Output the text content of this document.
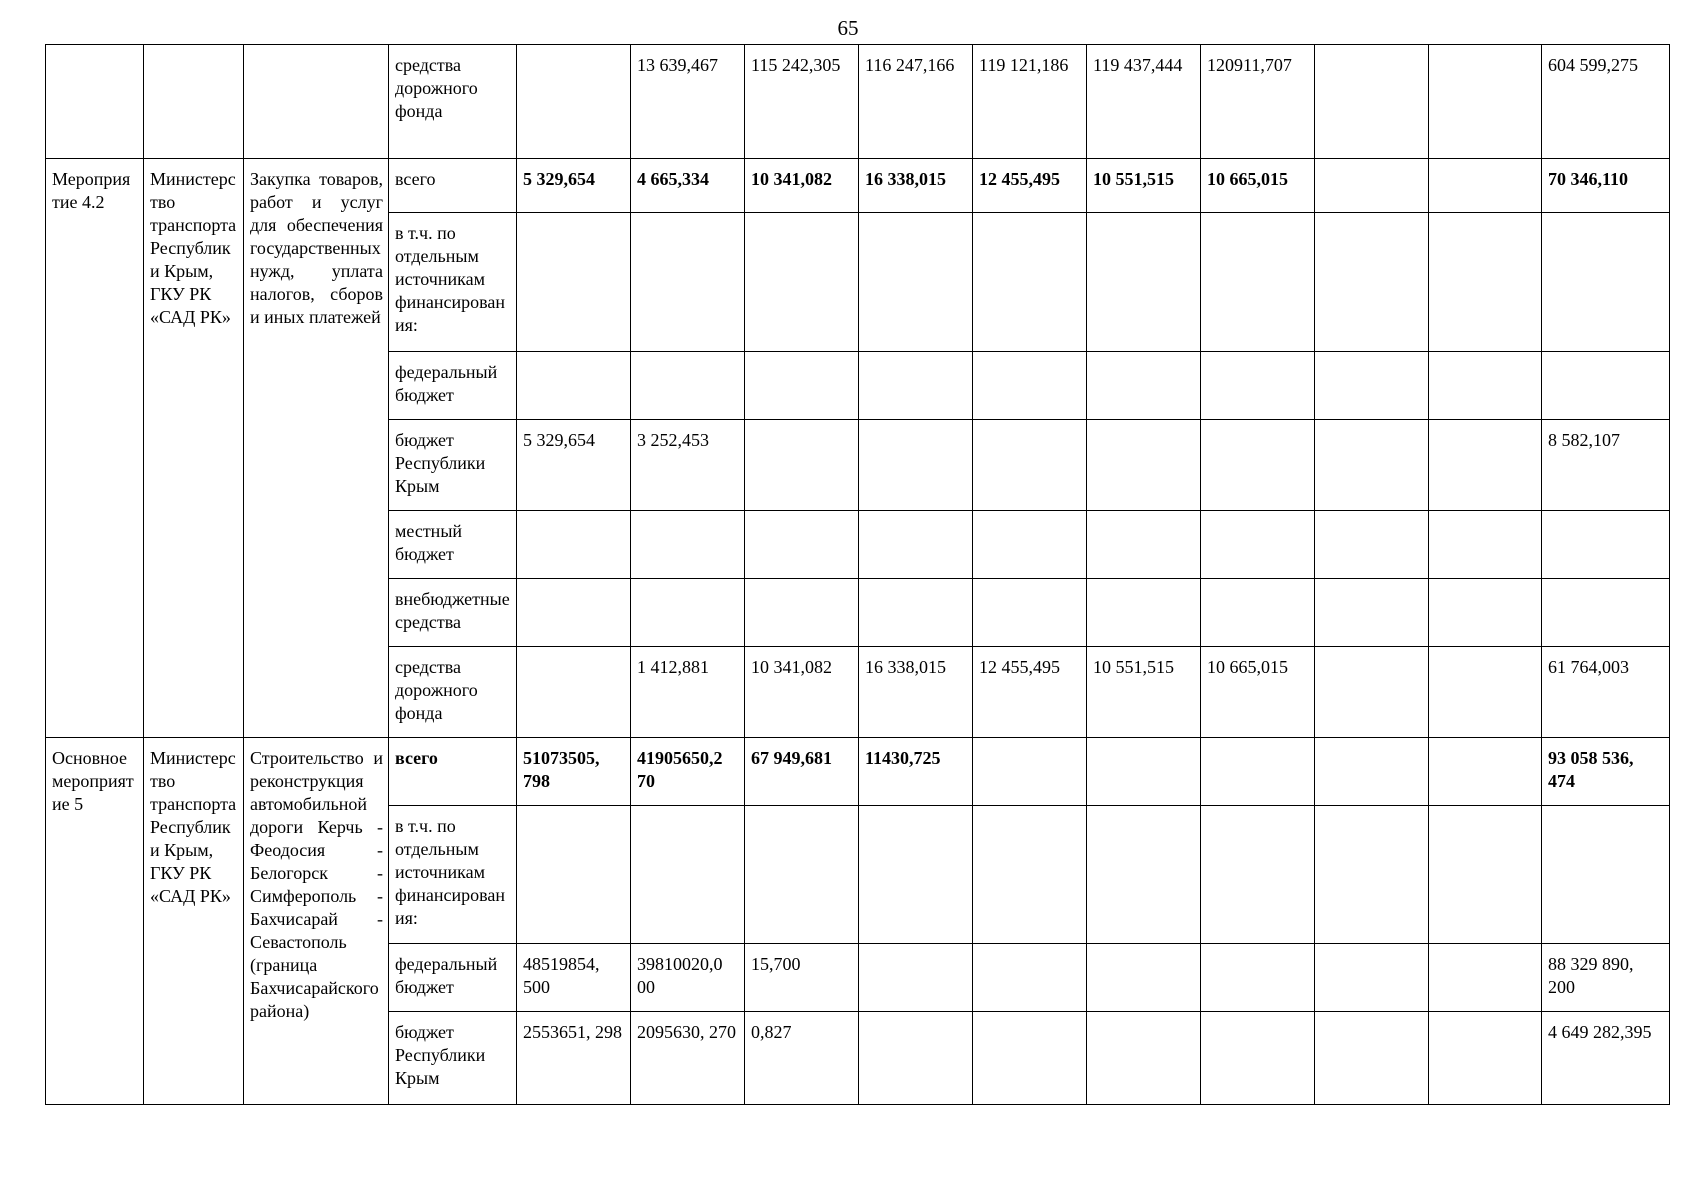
65
			средства дорожного фонда		13 639,467	115 242,305	116 247,166	119 121,186	119 437,444	120911,707			604 599,275
Мероприятие 4.2	Министерство транспорта Республики Крым, ГКУ РК «САД РК»	Закупка товаров, работ и услуг для обеспечения государственных нужд, уплата налогов, сборов и иных платежей	всего	5 329,654	4 665,334	10 341,082	16 338,015	12 455,495	10 551,515	10 665,015			70 346,110
			в т.ч. по отдельным источникам финансирования:										
			федеральный бюджет										
			бюджет Республики Крым	5 329,654	3 252,453								8 582,107
			местный бюджет										
			внебюджетные средства										
			средства дорожного фонда		1 412,881	10 341,082	16 338,015	12 455,495	10 551,515	10 665,015			61 764,003
Основное мероприятие 5	Министерство транспорта Республики Крым, ГКУ РК «САД РК»	Строительство и реконструкция автомобильной дороги Керчь - Феодосия - Белогорск - Симферополь - Бахчисарай - Севастополь (граница Бахчисарайского района)	всего	51073505, 798	41905650,2 70	67 949,681	11430,725						93 058 536, 474
			в т.ч. по отдельным источникам финансирования:										
			федеральный бюджет	48519854, 500	39810020,0 00	15,700							88 329 890, 200
			бюджет Республики Крым	2553651, 298	2095630, 270	0,827							4 649 282,395
